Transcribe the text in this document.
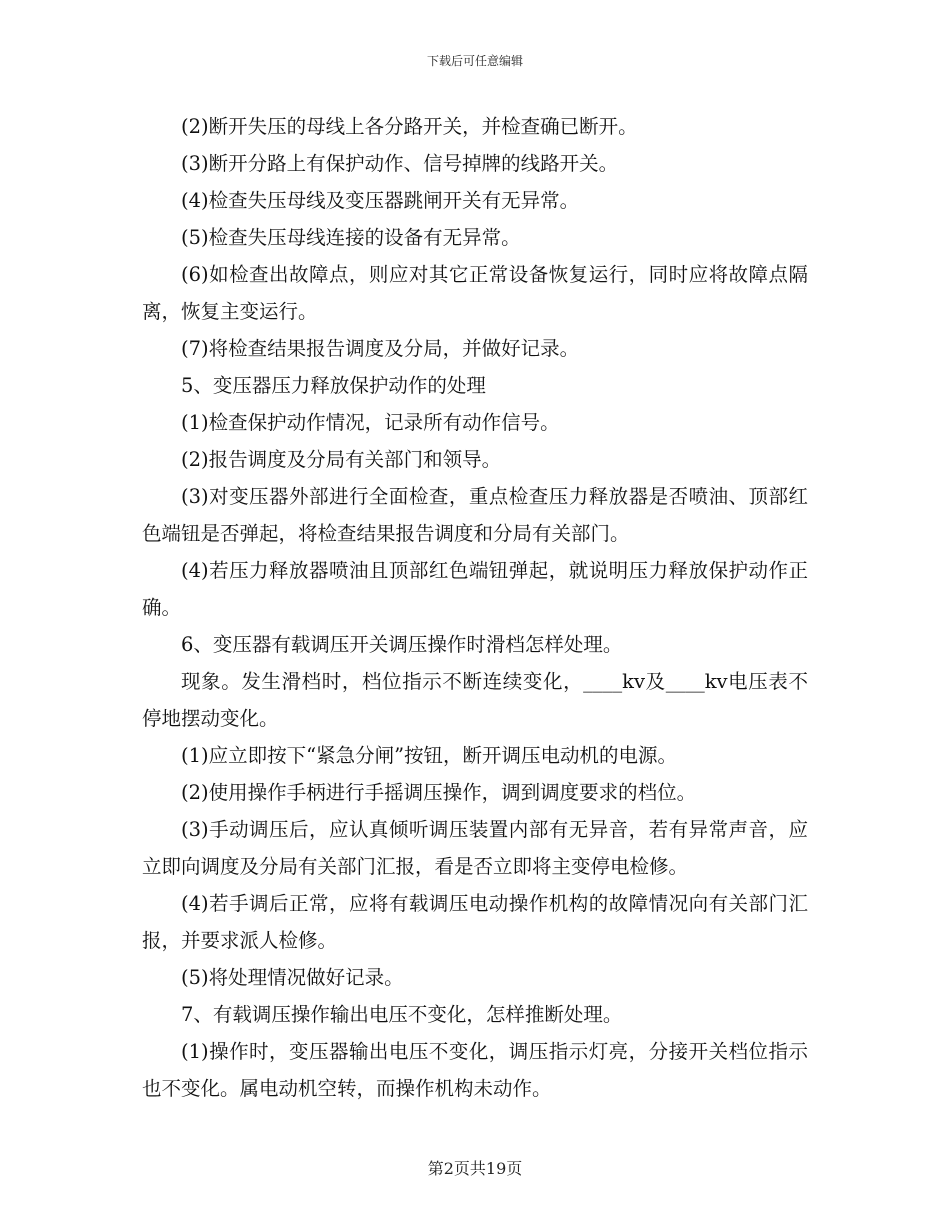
下载后可任意编辑

(2)断开失压的母线上各分路开关，并检查确已断开。

(3)断开分路上有保护动作、信号掉牌的线路开关。

(4)检查失压母线及变压器跳闸开关有无异常。

(5)检查失压母线连接的设备有无异常。

(6)如检查出故障点，则应对其它正常设备恢复运行，同时应将故障点隔离，恢复主变运行。

(7)将检查结果报告调度及分局，并做好记录。

5、变压器压力释放保护动作的处理

(1)检查保护动作情况，记录所有动作信号。

(2)报告调度及分局有关部门和领导。

(3)对变压器外部进行全面检查，重点检查压力释放器是否喷油、顶部红色端钮是否弹起，将检查结果报告调度和分局有关部门。

(4)若压力释放器喷油且顶部红色端钮弹起，就说明压力释放保护动作正确。

6、变压器有载调压开关调压操作时滑档怎样处理。

现象。发生滑档时，档位指示不断连续变化，____kv及____kv电压表不停地摆动变化。

(1)应立即按下“紧急分闸”按钮，断开调压电动机的电源。

(2)使用操作手柄进行手摇调压操作，调到调度要求的档位。

(3)手动调压后，应认真倾听调压装置内部有无异音，若有异常声音，应立即向调度及分局有关部门汇报，看是否立即将主变停电检修。

(4)若手调后正常，应将有载调压电动操作机构的故障情况向有关部门汇报，并要求派人检修。

(5)将处理情况做好记录。

7、有载调压操作输出电压不变化，怎样推断处理。

(1)操作时，变压器输出电压不变化，调压指示灯亮，分接开关档位指示也不变化。属电动机空转，而操作机构未动作。

第2页共19页
